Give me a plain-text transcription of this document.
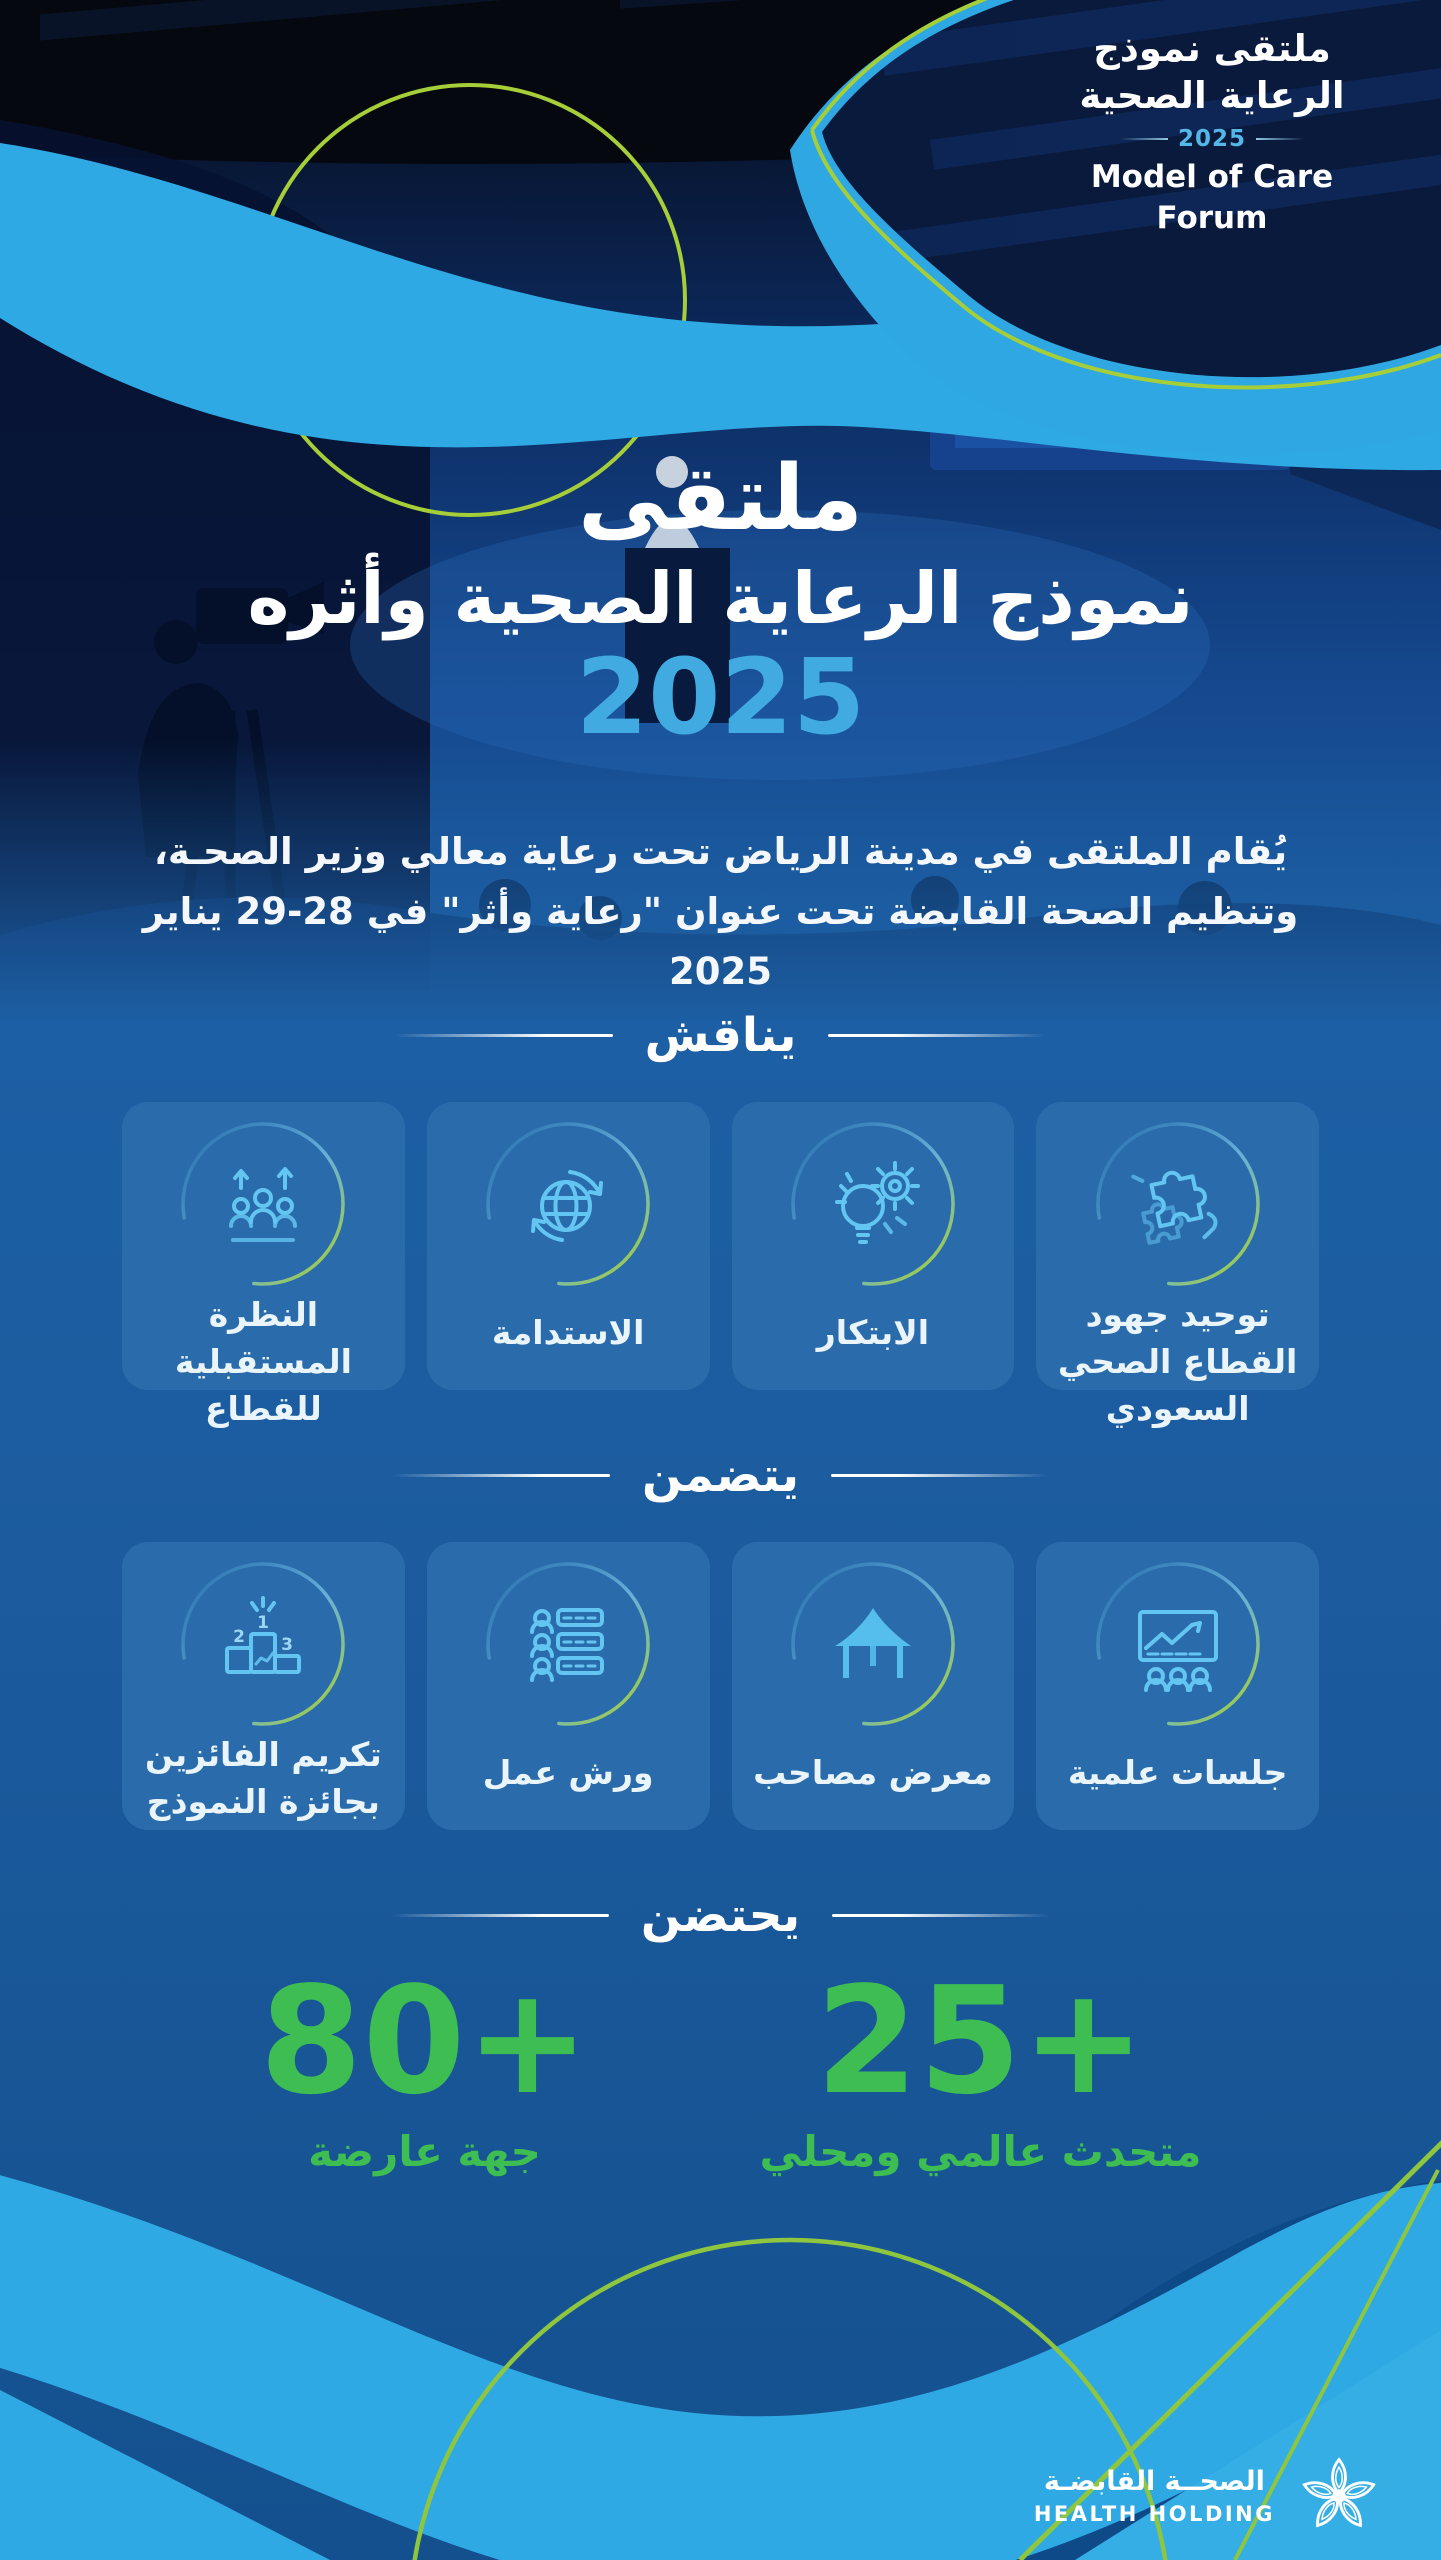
ملتقى نموذج
الرعاية الصحية
2025
Model of Care
Forum
ملتقى
نموذج الرعاية الصحية وأثره
2025
يُقام الملتقى في مدينة الرياض تحت رعاية معالي وزير الصحـة،
وتنظيم الصحة القابضة تحت عنوان "رعاية وأثر" في 28-29 يناير 2025
يناقش
توحيد جهود القطاع الصحي السعودي
الابتكار
الاستدامة
النظرة المستقبلية للقطاع
يتضمن
جلسات علمية
معرض مصاحب
ورش عمل
2
1
3
تكريم الفائزين بجائزة النموذج
يحتضن
25+
متحدث عالمي ومحلي
80+
جهة عارضة
الصحــة القابضـة
HEALTH HOLDING
